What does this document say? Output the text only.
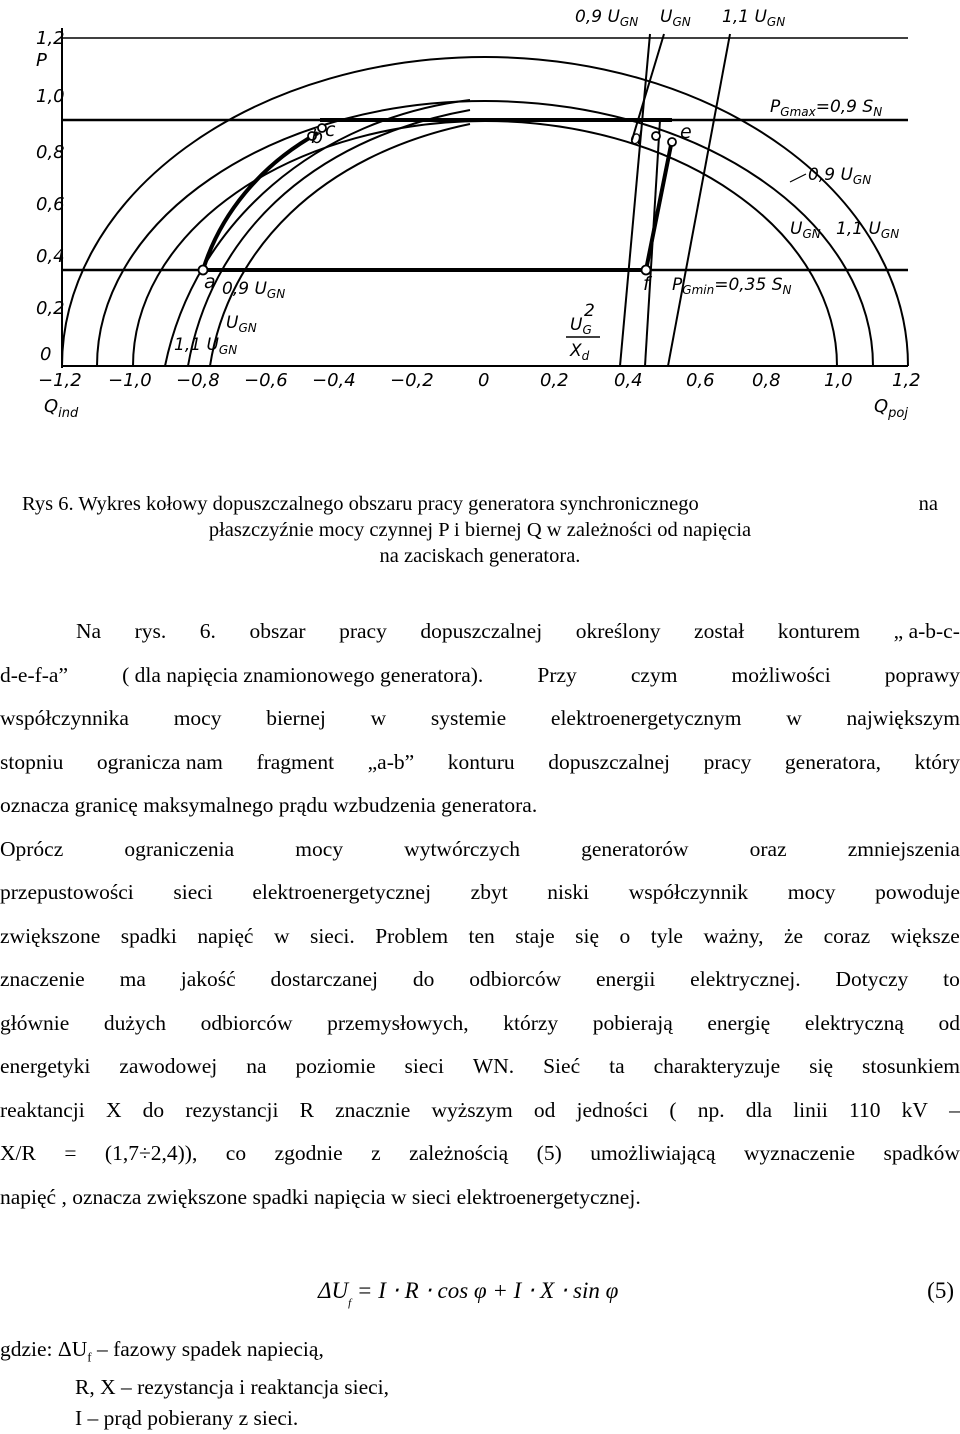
a
b c	d e
f
1,2
P
1,0
0,8
0,6
0,4
0,2
0
−1,2 −1,0 −0,8 −0,6 −0,4 −0,2 0	0,2	0,4 0,6 0,8 1,0 1,2
$Q_{ind}$	$Q_{poj}$
0,9 $U_{GN}$ $U_{GN}$ 1,1 $U_{GN}$
$P_{Gmax}=0,9$ $S_N$
0,9 $U_{GN}$
$U_{GN}$ 1,1 $U_{GN}$
$P_{Gmin}=0,35$ $S_N$
0,9 $U_{GN}$
$U_{GN}$
1,1 $U_{GN}$
$U_G$
2
$X_d$
Rys 6. Wykres kołowy dopuszczalnego obszaru pracy generatora synchronicznego	na
płaszczyźnie mocy czynnej P i biernej Q w zależności od napięcia
na zaciskach generatora.
Na rys. 6. obszar pracy dopuszczalnej określony został konturem „ a-b-c-
d-e-f-a”	( dla napięcia znamionowego generatora).	Przy	czym	możliwości	poprawy
współczynnika mocy biernej w systemie elektroenergetycznym w największym
stopniu ogranicza nam fragment „a-b” konturu dopuszczalnej pracy generatora, który
oznacza granicę maksymalnego prądu wzbudzenia generatora.
Oprócz	ograniczenia	mocy	wytwórczych	generatorów	oraz	zmniejszenia
przepustowości sieci elektroenergetycznej zbyt niski współczynnik mocy powoduje
zwiększone spadki napięć w sieci. Problem ten staje się o tyle ważny, że coraz większe
znaczenie ma jakość dostarczanej do odbiorców energii elektrycznej. Dotyczy to
głównie dużych odbiorców przemysłowych, którzy pobierają energię elektryczną od
energetyki zawodowej na poziomie sieci WN. Sieć ta charakteryzuje się stosunkiem
reaktancji X do rezystancji R znacznie wyższym od jedności ( np. dla linii 110 kV –
X/R = (1,7÷2,4)), co zgodnie z zależnością (5) umożliwiającą wyznaczenie spadków
napięć , oznacza zwiększone spadki napięcia w sieci elektroenergetycznej.
$\Delta U_f = I \cdot R \cdot \cos \varphi + I \cdot X \cdot \sin \varphi$	(5)
gdzie: $\Delta U_f$ – fazowy spadek napiecią,
R, X – rezystancja i reaktancja sieci,
I – prąd pobierany z sieci.
